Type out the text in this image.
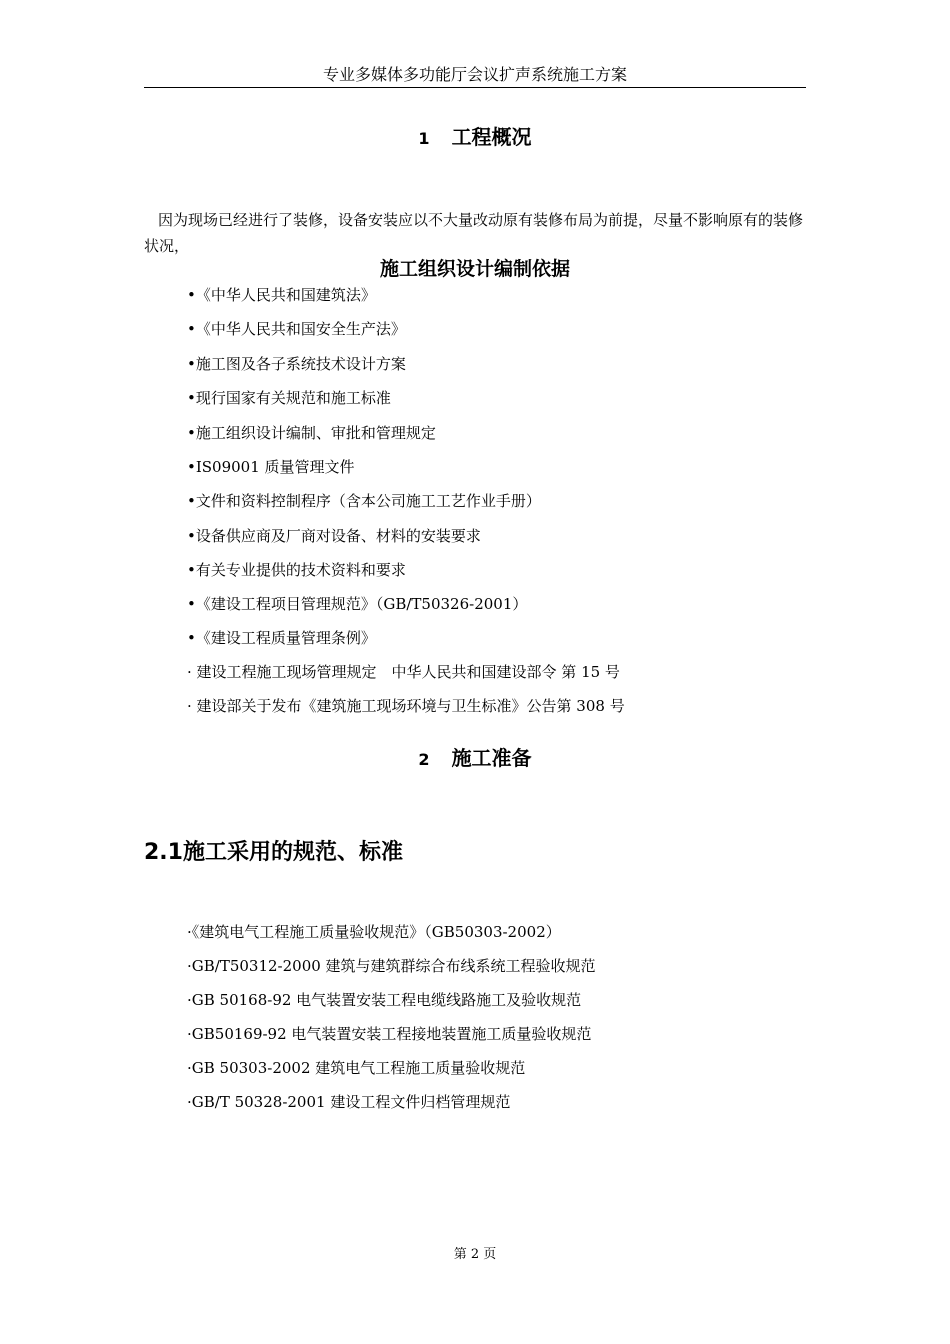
专业多媒体多功能厅会议扩声系统施工方案
1 工程概况
因为现场已经进行了装修，设备安装应以不大量改动原有装修布局为前提，尽量不影响原有的装修状况，
施工组织设计编制依据
•《中华人民共和国建筑法》
•《中华人民共和国安全生产法》
•施工图及各子系统技术设计方案
•现行国家有关规范和施工标准
•施工组织设计编制、审批和管理规定
•IS09001 质量管理文件
•文件和资料控制程序（含本公司施工工艺作业手册）
•设备供应商及厂商对设备、材料的安装要求
•有关专业提供的技术资料和要求
•《建设工程项目管理规范》（GB/T50326-2001）
•《建设工程质量管理条例》
· 建设工程施工现场管理规定　中华人民共和国建设部令 第 15 号
· 建设部关于发布《建筑施工现场环境与卫生标准》公告第 308 号
2 施工准备
2.1施工采用的规范、标准
·《建筑电气工程施工质量验收规范》（GB50303-2002）
·GB/T50312-2000 建筑与建筑群综合布线系统工程验收规范
·GB 50168-92 电气装置安装工程电缆线路施工及验收规范
·GB50169-92 电气装置安装工程接地装置施工质量验收规范
·GB 50303-2002 建筑电气工程施工质量验收规范
·GB/T 50328-2001 建设工程文件归档管理规范
第 2 页
